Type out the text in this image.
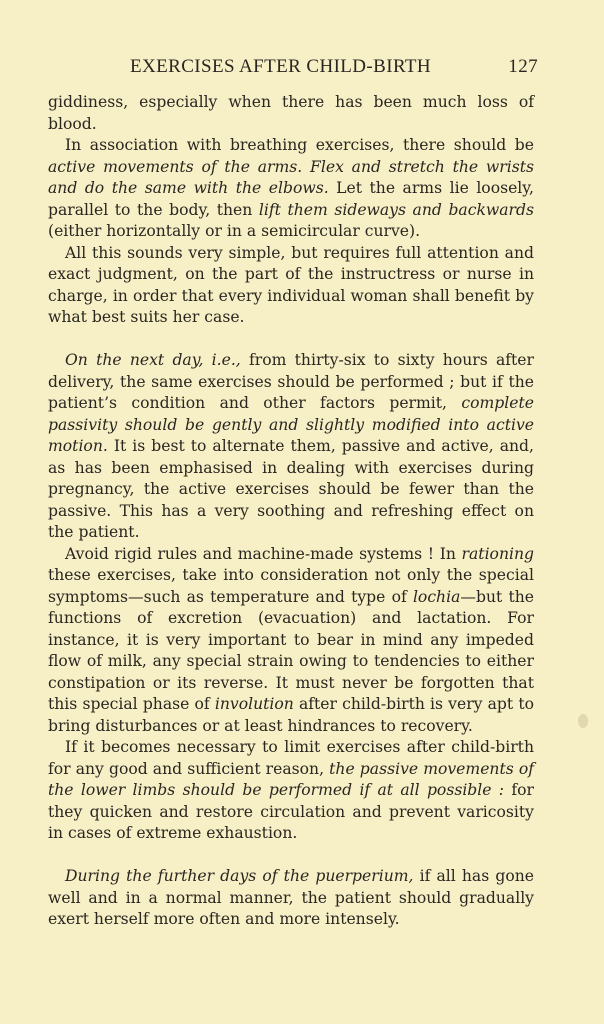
EXERCISES AFTER CHILD-BIRTH	127

giddiness, especially when there has been much loss of blood.

In association with breathing exercises, there should be active movements of the arms. Flex and stretch the wrists and do the same with the elbows. Let the arms lie loosely, parallel to the body, then lift them sideways and backwards (either horizontally or in a semicircular curve).

All this sounds very simple, but requires full attention and exact judgment, on the part of the instructress or nurse in charge, in order that every individual woman shall benefit by what best suits her case.

On the next day, i.e., from thirty-six to sixty hours after delivery, the same exercises should be performed ; but if the patient’s condition and other factors permit, complete passivity should be gently and slightly modified into active motion. It is best to alternate them, passive and active, and, as has been emphasised in dealing with exercises during pregnancy, the active exercises should be fewer than the passive. This has a very soothing and refreshing effect on the patient.

Avoid rigid rules and machine-made systems ! In rationing these exercises, take into consideration not only the special symptoms—such as temperature and type of lochia—but the functions of excretion (evacuation) and lactation. For instance, it is very important to bear in mind any impeded flow of milk, any special strain owing to tendencies to either constipation or its reverse. It must never be forgotten that this special phase of involution after child-birth is very apt to bring disturbances or at least hindrances to recovery.

If it becomes necessary to limit exercises after child-birth for any good and sufficient reason, the passive movements of the lower limbs should be performed if at all possible : for they quicken and restore circulation and prevent varicosity in cases of extreme exhaustion.

During the further days of the puerperium, if all has gone well and in a normal manner, the patient should gradually exert herself more often and more intensely.
